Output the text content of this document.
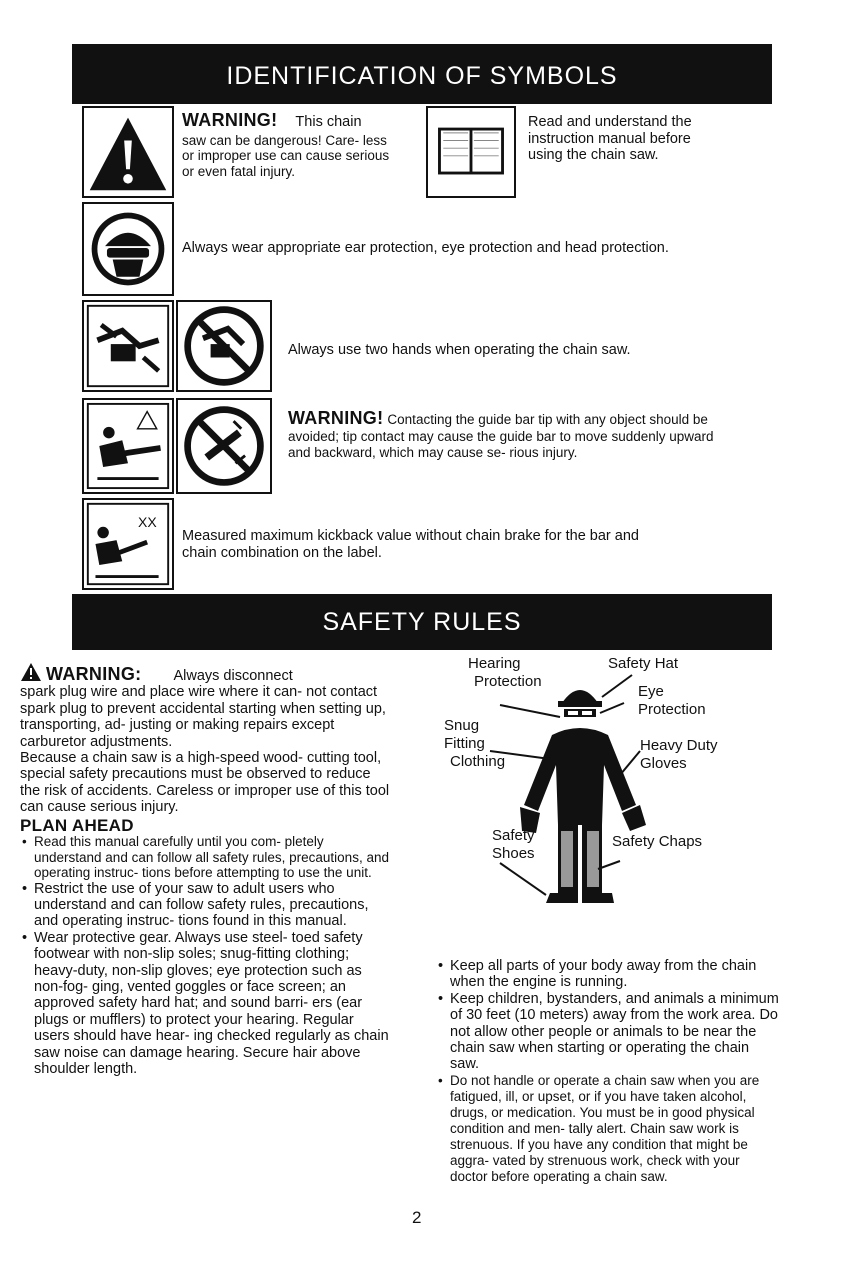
IDENTIFICATION OF SYMBOLS
WARNING! This chain
saw can be dangerous! Care- less or improper use can cause serious or even fatal injury.
Read and understand the instruction manual before using the chain saw.
Always wear appropriate ear protection, eye protection and head protection.
Always use two hands when operating the chain saw.
WARNING! Contacting the guide bar tip with any object should be avoided; tip contact may cause the guide bar to move suddenly upward and backward, which may cause se- rious injury.
XX
Measured maximum kickback value without chain brake for the bar and chain combination on the label.
SAFETY RULES
WARNING: Always disconnect
spark plug wire and place wire where it can- not contact spark plug to prevent accidental starting when setting up, transporting, ad- justing or making repairs except carburetor adjustments.
Because a chain saw is a high-speed wood- cutting tool, special safety precautions must be observed to reduce the risk of accidents. Careless or improper use of this tool can cause serious injury.
PLAN AHEAD
• Read this manual carefully until you com- pletely understand and can follow all safety rules, precautions, and operating instruc- tions before attempting to use the unit.
• Restrict the use of your saw to adult users who understand and can follow safety rules, precautions, and operating instruc- tions found in this manual.
• Wear protective gear. Always use steel- toed safety footwear with non-slip soles; snug-fitting clothing; heavy-duty, non-slip gloves; eye protection such as non-fog- ging, vented goggles or face screen; an approved safety hard hat; and sound barri- ers (ear plugs or mufflers) to protect your hearing. Regular users should have hear- ing checked regularly as chain saw noise can damage hearing. Secure hair above shoulder length.
Hearing
Protection
Safety Hat
Eye
Protection
Snug
Fitting
Clothing
Heavy Duty
Gloves
Safety
Shoes
Safety Chaps
• Keep all parts of your body away from the chain when the engine is running.
• Keep children, bystanders, and animals a minimum of 30 feet (10 meters) away from the work area. Do not allow other people or animals to be near the chain saw when starting or operating the chain saw.
• Do not handle or operate a chain saw when you are fatigued, ill, or upset, or if you have taken alcohol, drugs, or medication. You must be in good physical condition and men- tally alert. Chain saw work is strenuous. If you have any condition that might be aggra- vated by strenuous work, check with your doctor before operating a chain saw.
2
